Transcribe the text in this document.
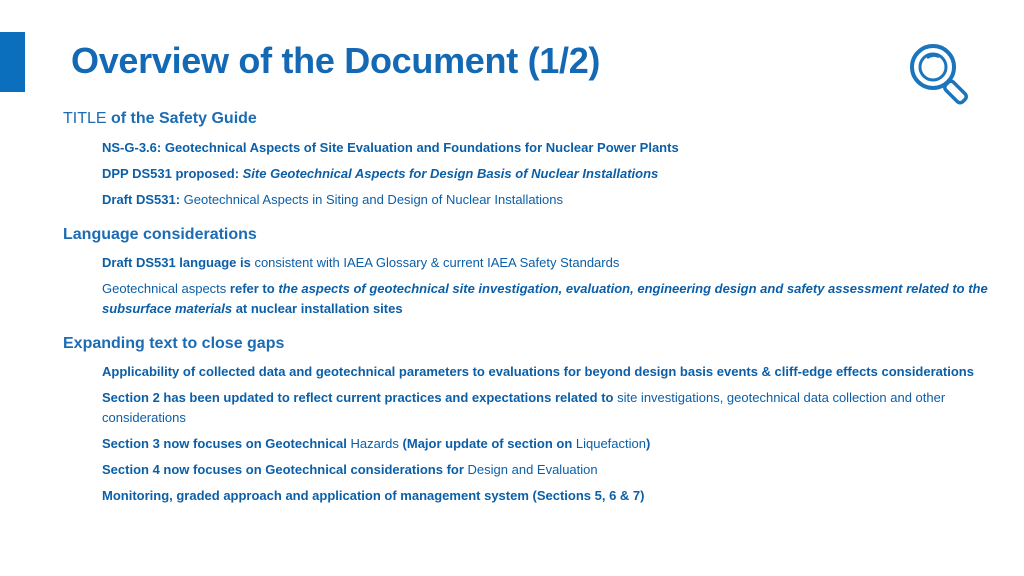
Overview of the Document (1/2)

TITLE of the Safety Guide

NS-G-3.6: Geotechnical Aspects of Site Evaluation and Foundations for Nuclear Power Plants

DPP DS531 proposed: Site Geotechnical Aspects for Design Basis of Nuclear Installations

Draft DS531: Geotechnical Aspects in Siting and Design of Nuclear Installations

Language considerations

Draft DS531 language is consistent with IAEA Glossary & current IAEA Safety Standards

Geotechnical aspects refer to the aspects of geotechnical site investigation, evaluation, engineering design and safety assessment related to the subsurface materials at nuclear installation sites

Expanding text to close gaps

Applicability of collected data and geotechnical parameters to evaluations for beyond design basis events & cliff-edge effects considerations

Section 2 has been updated to reflect current practices and expectations related to site investigations, geotechnical data collection and other considerations

Section 3 now focuses on Geotechnical Hazards (Major update of section on Liquefaction)

Section 4 now focuses on Geotechnical considerations for Design and Evaluation

Monitoring, graded approach and application of management system (Sections 5, 6 & 7)
